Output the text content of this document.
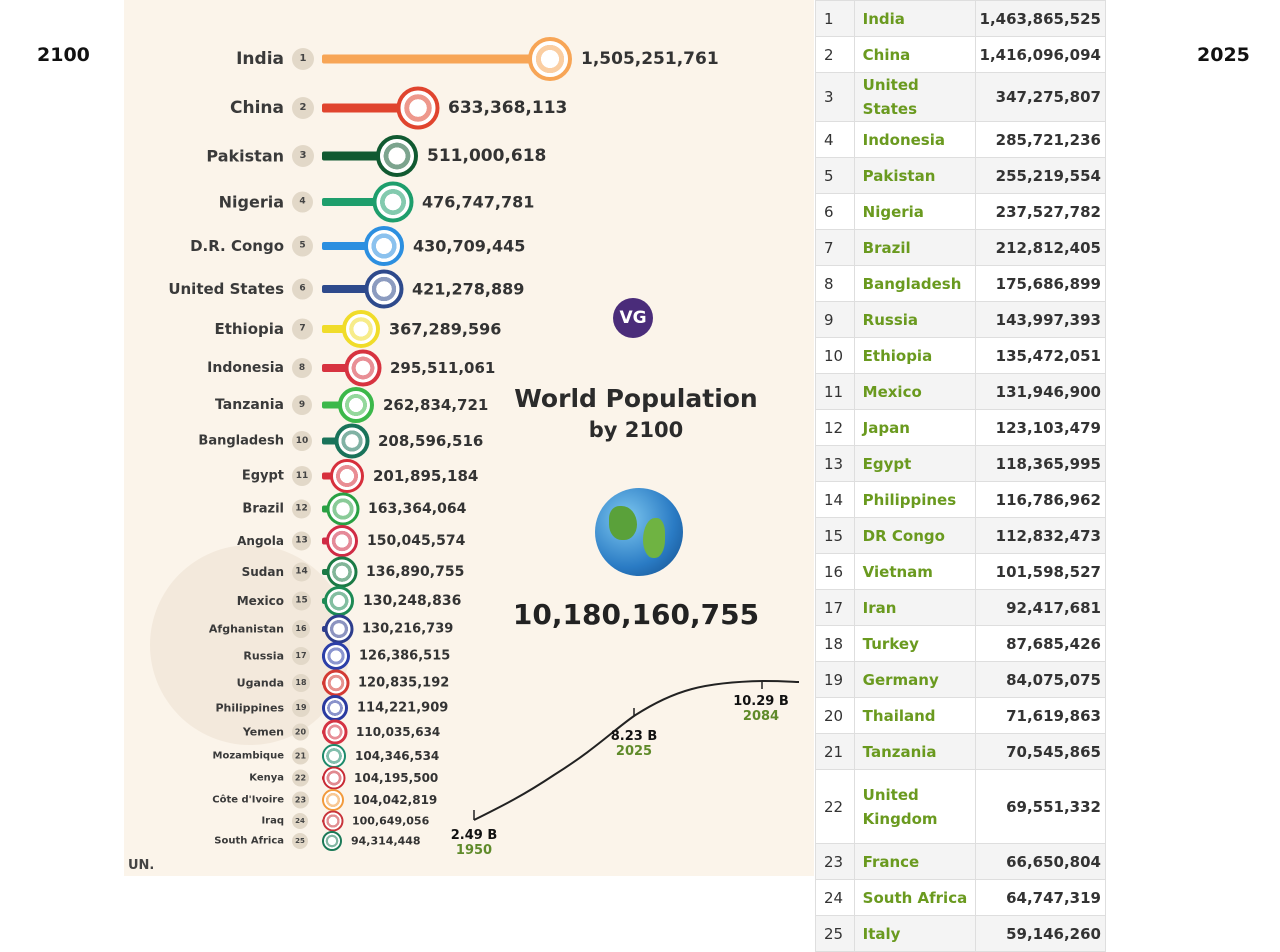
2100	2025
India	1	1,505,251,761
China	2	633,368,113
Pakistan	3	511,000,618
Nigeria	4	476,747,781
D.R. Congo	5	430,709,445
United States	6	421,278,889
Ethiopia	7	367,289,596
Indonesia	8	295,511,061
Tanzania	9	262,834,721
Bangladesh	10	208,596,516
Egypt	11	201,895,184
Brazil	12	163,364,064
Angola	13	150,045,574
Sudan	14	136,890,755
Mexico	15	130,248,836
Afghanistan	16	130,216,739
Russia	17	126,386,515
Uganda	18	120,835,192
Philippines	19	114,221,909
Yemen	20	110,035,634
Mozambique	21	104,346,534
Kenya	22	104,195,500
Côte d'Ivoire	23	104,042,819
Iraq	24	100,649,056
South Africa	25	94,314,448
VG
World Population
by 2100
10,180,160,755
2.49 B
1950
8.23 B
2025
10.29 B
2084
UN.
1	India	1,463,865,525
2	China	1,416,096,094
3	United States	347,275,807
4	Indonesia	285,721,236
5	Pakistan	255,219,554
6	Nigeria	237,527,782
7	Brazil	212,812,405
8	Bangladesh	175,686,899
9	Russia	143,997,393
10	Ethiopia	135,472,051
11	Mexico	131,946,900
12	Japan	123,103,479
13	Egypt	118,365,995
14	Philippines	116,786,962
15	DR Congo	112,832,473
16	Vietnam	101,598,527
17	Iran	92,417,681
18	Turkey	87,685,426
19	Germany	84,075,075
20	Thailand	71,619,863
21	Tanzania	70,545,865
22	United Kingdom	69,551,332
23	France	66,650,804
24	South Africa	64,747,319
25	Italy	59,146,260
